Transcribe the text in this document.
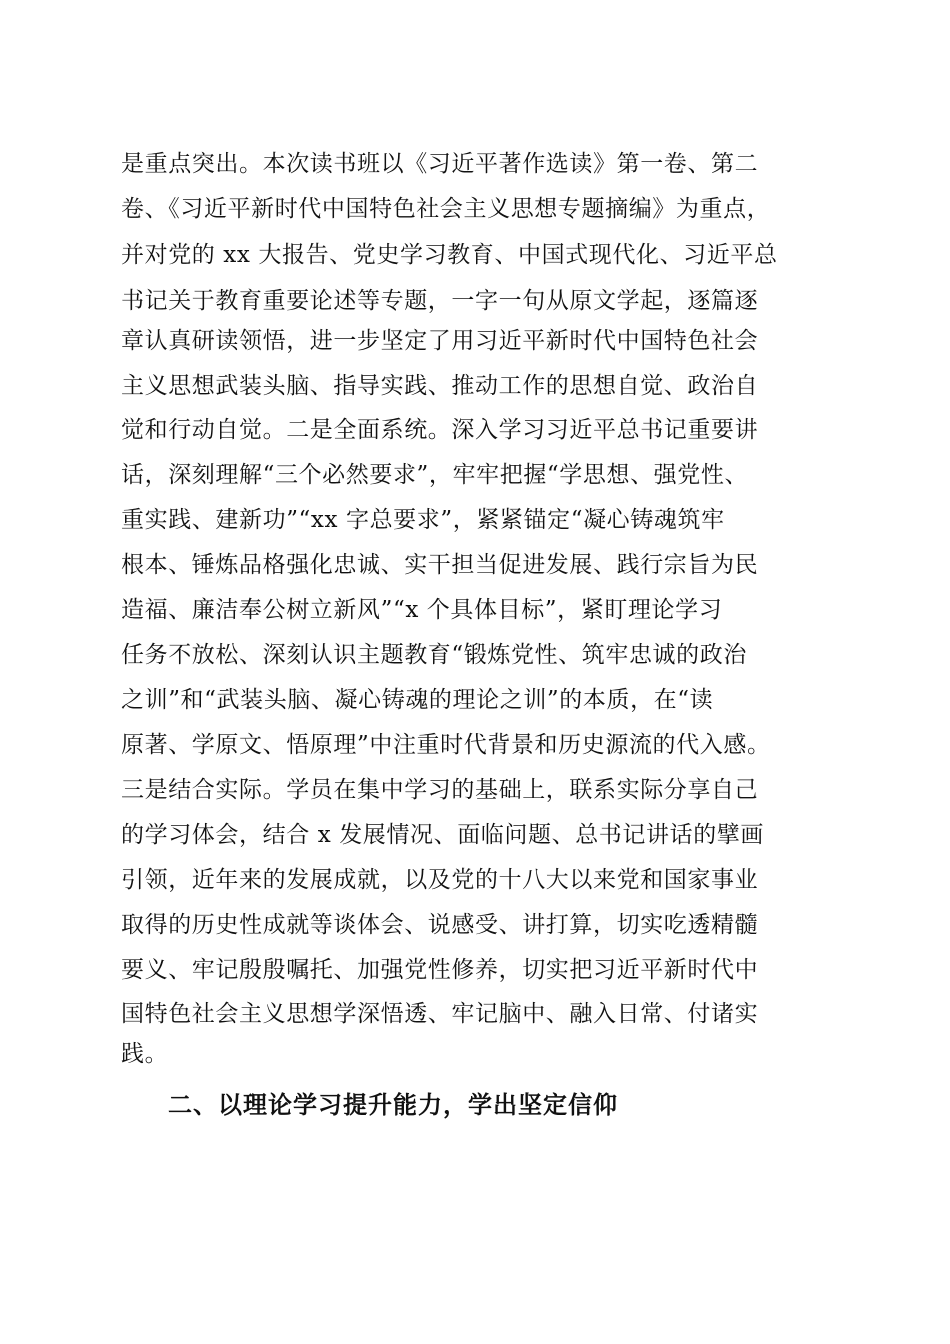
是重点突出。本次读书班以《习近平著作选读》第一卷、第二
卷、《习近平新时代中国特色社会主义思想专题摘编》为重点，
并对党的 xx 大报告、党史学习教育、中国式现代化、习近平总
书记关于教育重要论述等专题，一字一句从原文学起，逐篇逐
章认真研读领悟，进一步坚定了用习近平新时代中国特色社会
主义思想武装头脑、指导实践、推动工作的思想自觉、政治自
觉和行动自觉。二是全面系统。深入学习习近平总书记重要讲
话，深刻理解“三个必然要求”，牢牢把握“学思想、强党性、
重实践、建新功”“xx 字总要求”，紧紧锚定“凝心铸魂筑牢
根本、锤炼品格强化忠诚、实干担当促进发展、践行宗旨为民
造福、廉洁奉公树立新风”“x 个具体目标”，紧盯理论学习
任务不放松、深刻认识主题教育“锻炼党性、筑牢忠诚的政治
之训”和“武装头脑、凝心铸魂的理论之训”的本质，在“读
原著、学原文、悟原理”中注重时代背景和历史源流的代入感。
三是结合实际。学员在集中学习的基础上，联系实际分享自己
的学习体会，结合 x 发展情况、面临问题、总书记讲话的擘画
引领，近年来的发展成就，以及党的十八大以来党和国家事业
取得的历史性成就等谈体会、说感受、讲打算，切实吃透精髓
要义、牢记殷殷嘱托、加强党性修养，切实把习近平新时代中
国特色社会主义思想学深悟透、牢记脑中、融入日常、付诸实
践。
二、以理论学习提升能力，学出坚定信仰
